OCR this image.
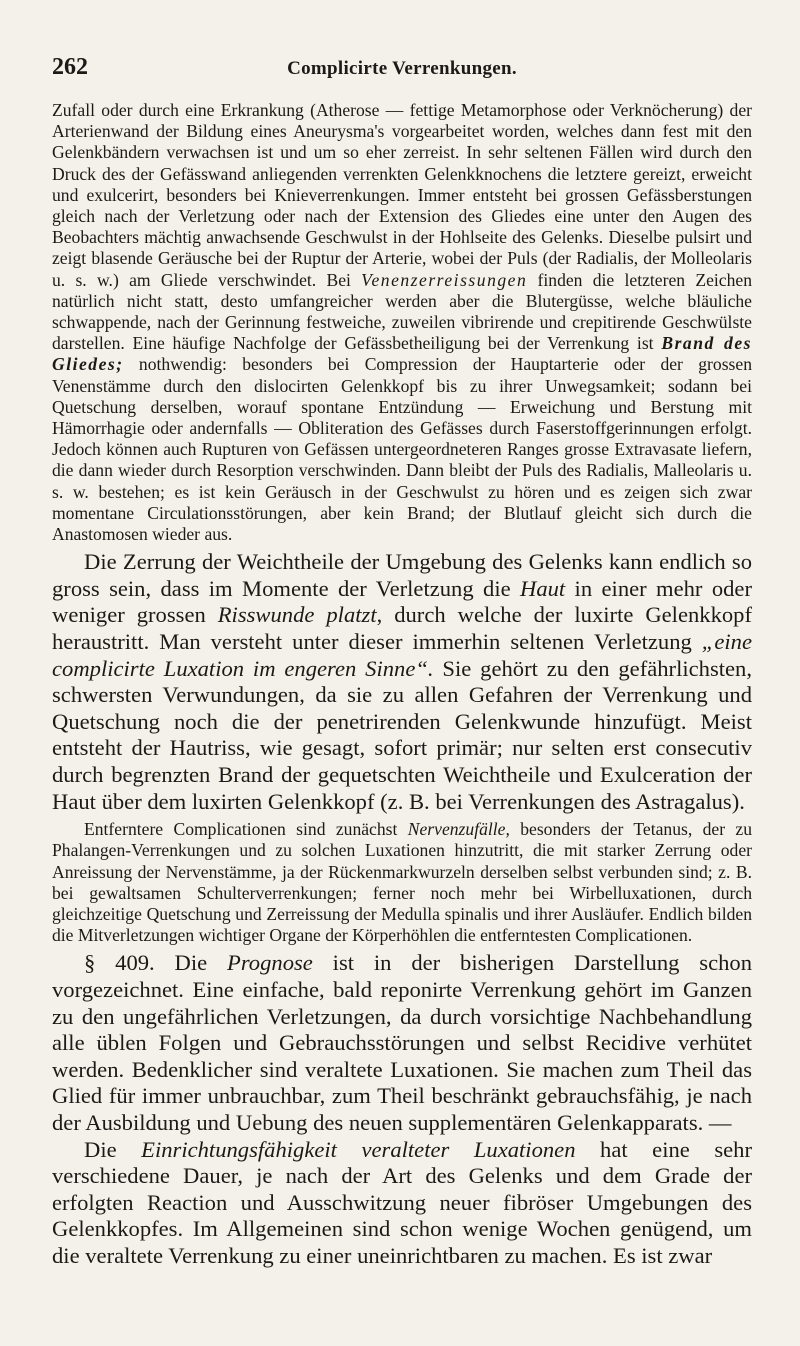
262	Complicirte Verrenkungen.

Zufall oder durch eine Erkrankung (Atherose — fettige Metamorphose oder Verknöcherung) der Arterienwand der Bildung eines Aneurysma's vorgearbeitet worden, welches dann fest mit den Gelenkbändern verwachsen ist und um so eher zerreist. In sehr seltenen Fällen wird durch den Druck des der Gefässwand anliegenden verrenkten Gelenkknochens die letztere gereizt, erweicht und exulcerirt, besonders bei Knieverrenkungen. Immer entsteht bei grossen Gefässberstungen gleich nach der Verletzung oder nach der Extension des Gliedes eine unter den Augen des Beobachters mächtig anwachsende Geschwulst in der Hohlseite des Gelenks. Dieselbe pulsirt und zeigt blasende Geräusche bei der Ruptur der Arterie, wobei der Puls (der Radialis, der Molleolaris u. s. w.) am Gliede verschwindet. Bei Venenzerreissungen finden die letzteren Zeichen natürlich nicht statt, desto umfangreicher werden aber die Blutergüsse, welche bläuliche schwappende, nach der Gerinnung festweiche, zuweilen vibrirende und crepitirende Geschwülste darstellen. Eine häufige Nachfolge der Gefässbetheiligung bei der Verrenkung ist Brand des Gliedes; nothwendig: besonders bei Compression der Hauptarterie oder der grossen Venenstämme durch den dislocirten Gelenkkopf bis zu ihrer Unwegsamkeit; sodann bei Quetschung derselben, worauf spontane Entzündung — Erweichung und Berstung mit Hämorrhagie oder andernfalls — Obliteration des Gefässes durch Faserstoffgerinnungen erfolgt. Jedoch können auch Rupturen von Gefässen untergeordneteren Ranges grosse Extravasate liefern, die dann wieder durch Resorption verschwinden. Dann bleibt der Puls des Radialis, Malleolaris u. s. w. bestehen; es ist kein Geräusch in der Geschwulst zu hören und es zeigen sich zwar momentane Circulationsstörungen, aber kein Brand; der Blutlauf gleicht sich durch die Anastomosen wieder aus.

Die Zerrung der Weichtheile der Umgebung des Gelenks kann endlich so gross sein, dass im Momente der Verletzung die Haut in einer mehr oder weniger grossen Risswunde platzt, durch welche der luxirte Gelenkkopf heraustritt. Man versteht unter dieser immerhin seltenen Verletzung „eine complicirte Luxation im engeren Sinne“. Sie gehört zu den gefährlichsten, schwersten Verwundungen, da sie zu allen Gefahren der Verrenkung und Quetschung noch die der penetrirenden Gelenkwunde hinzufügt. Meist entsteht der Hautriss, wie gesagt, sofort primär; nur selten erst consecutiv durch begrenzten Brand der gequetschten Weichtheile und Exulceration der Haut über dem luxirten Gelenkkopf (z. B. bei Verrenkungen des Astragalus).

Entferntere Complicationen sind zunächst Nervenzufälle, besonders der Tetanus, der zu Phalangen-Verrenkungen und zu solchen Luxationen hinzutritt, die mit starker Zerrung oder Anreissung der Nervenstämme, ja der Rückenmarkwurzeln derselben selbst verbunden sind; z. B. bei gewaltsamen Schulterverrenkungen; ferner noch mehr bei Wirbelluxationen, durch gleichzeitige Quetschung und Zerreissung der Medulla spinalis und ihrer Ausläufer. Endlich bilden die Mitverletzungen wichtiger Organe der Körperhöhlen die entferntesten Complicationen.

§ 409. Die Prognose ist in der bisherigen Darstellung schon vorgezeichnet. Eine einfache, bald reponirte Verrenkung gehört im Ganzen zu den ungefährlichen Verletzungen, da durch vorsichtige Nachbehandlung alle üblen Folgen und Gebrauchsstörungen und selbst Recidive verhütet werden. Bedenklicher sind veraltete Luxationen. Sie machen zum Theil das Glied für immer unbrauchbar, zum Theil beschränkt gebrauchsfähig, je nach der Ausbildung und Uebung des neuen supplementären Gelenkapparats. —

Die Einrichtungsfähigkeit veralteter Luxationen hat eine sehr verschiedene Dauer, je nach der Art des Gelenks und dem Grade der erfolgten Reaction und Ausschwitzung neuer fibröser Umgebungen des Gelenkkopfes. Im Allgemeinen sind schon wenige Wochen genügend, um die veraltete Verrenkung zu einer uneinrichtbaren zu machen. Es ist zwar
